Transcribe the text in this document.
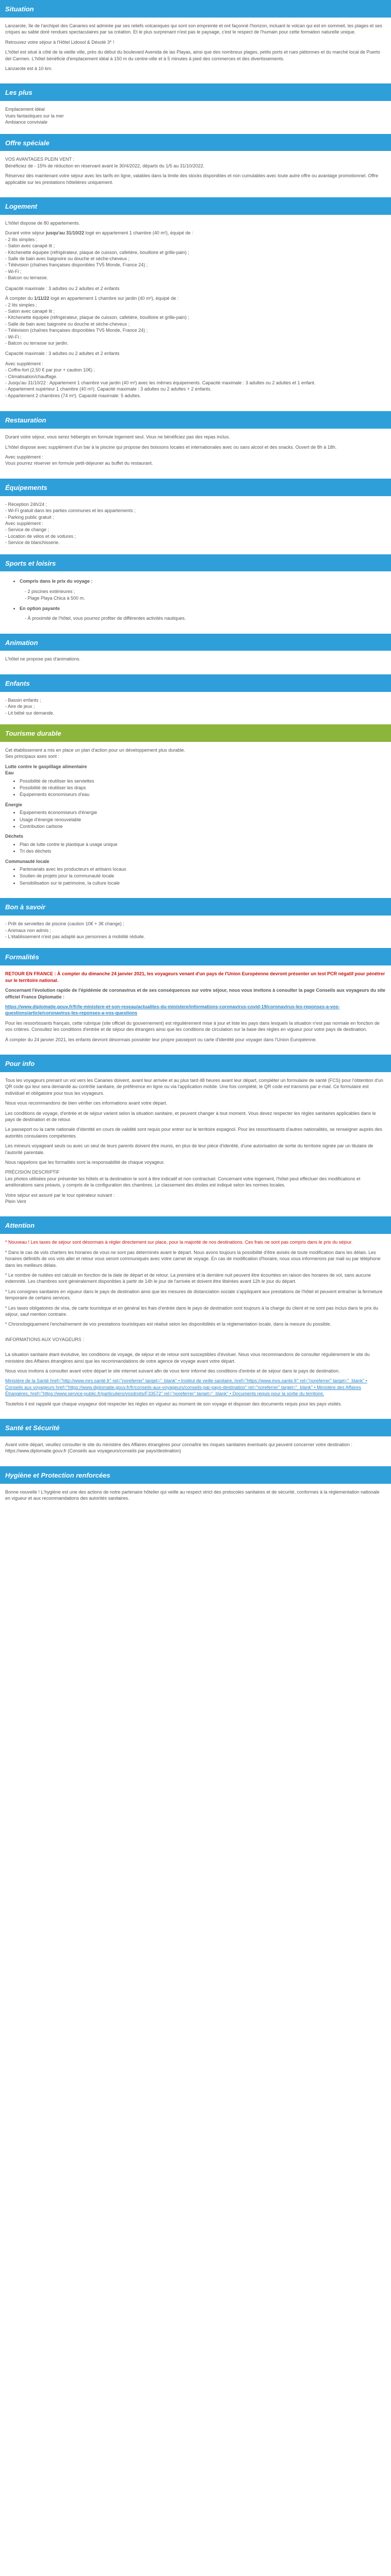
Situation

Lanzarote, île de l'archipel des Canaries est admirée par ses reliefs volcaniques qui sont son empreinte et ont façonné l'horizon, incluant le volcan qui est en sommeil, les plages et ses criques au sable doré rendues spectaculaires par sa création. Et le plus surprenant n'est pas le paysage, c'est le respect de l'humain pour cette formation naturelle unique.

Retrouvez votre séjour à l'Hôtel Lidosol & Désolé 3* !

L'hôtel est situé à côté de la vieille ville, près du début du boulevard Avenida de las Playas, ainsi que des nombreux plages, petits ports et rues piétonnes et du marché local de Puerto del Carmen. L'hôtel bénéficie d'emplacement idéal à 150 m du centre-ville et à 5 minutes à pied des commerces et des divertissements.

Lanzarote est à 10 km.

Les plus
Emplacement idéal
Vues fantastiques sur la mer
Ambiance conviviale
Offre spéciale
VOS AVANTAGES PLEIN VENT :

Bénéficiez de - 15% de réduction en réservant avant le 30/4/2022, départs du 1/5 au 31/10/2022.

Réservez dès maintenant votre séjour avec les tarifs en ligne, valables dans la limite des stocks disponibles et non cumulables avec toute autre offre ou avantage promotionnel. Offre applicable sur les prestations hôtelières uniquement.

Logement

L'hôtel dispose de 80 appartements.

Durant votre séjour jusqu'au 31/10/22 logé en appartement 1 chambre (40 m²), équipé de :
- 2 lits simples ;
- Salon avec canapé lit ;
- Kitchenette équipée (réfrigérateur, plaque de cuisson, cafetière, bouilloire et grille-pain) ;
- Salle de bain avec baignoire ou douche et sèche-cheveux ;
- Télévision (chaînes françaises disponibles TV5 Monde, France 24) ;
- Wi-Fi ;
- Balcon ou terrasse.

Capacité maximale : 3 adultes ou 2 adultes et 2 enfants

À compter du 1/11/22 logé en appartement 1 chambre sur jardin (40 m²), équipé de :
- 2 lits simples ;
- Salon avec canapé lit ;
- Kitchenette équipée (réfrigérateur, plaque de cuisson, cafetière, bouilloire et grille-pain) ;
- Salle de bain avec baignoire ou douche et sèche-cheveux ;
- Télévision (chaînes françaises disponibles TV5 Monde, France 24) ;
- Wi-Fi ;
- Balcon ou terrasse sur jardin.

Capacité maximale : 3 adultes ou 2 adultes et 2 enfants

Avec supplément :
- Coffre-fort (2,50 € par jour + caution 10€) ;
- Climatisation/chauffage.
- Jusqu'au 31/10/22 : Appartement 1 chambre vue jardin (40 m²) avec les mêmes équipements. Capacité maximale : 3 adultes ou 2 adultes et 1 enfant.
- Appartement supérieur 1 chambre (40 m²). Capacité maximale : 3 adultes ou 2 adultes + 2 enfants.
- Appartement 2 chambres (74 m²). Capacité maximale: 5 adultes.
Restauration

Durant votre séjour, vous serez hébergés en formule logement seul. Vous ne bénéficiez pas des repas inclus.

L'hôtel dispose avec supplément d'un bar à la piscine qui propose des boissons locales et internationales avec ou sans alcool et des snacks. Ouvert de 8h à 18h.

Avec supplément :

Vous pourrez réserver en formule petit-déjeuner au buffet du restaurant.

Équipements
- Réception 24h/24 ;
- Wi-Fi gratuit dans les parties communes et les appartements ;
- Parking public gratuit ;
Avec supplément :
- Service de change ;
- Location de vélos et de voitures ;
- Service de blanchisserie.
Sports et loisirs
• Compris dans le prix du voyage :
- 2 piscines extérieures ;
- Plage Playa Chica à 500 m.
• En option payante
- À proximité de l'hôtel, vous pourrez profiter de différentes activités nautiques.
Animation

L'hôtel ne propose pas d'animations.

Enfants
- Bassin enfants ;
- Aire de jeux ;
- Lit bébé sur demande.
Tourisme durable
Cet établissement a mis en place un plan d'action pour un développement plus durable.

Ses principaux axes sont :

Lutte contre le gaspillage alimentaire
Eau
• Possibilité de réutiliser les serviettes
• Possibilité de réutiliser les draps
• Équipements économiseurs d'eau
Énergie
• Équipements économiseurs d'énergie
• Usage d'énergie renouvelable
• Contribution carbone
Déchets
• Plan de lutte contre le plastique à usage unique
• Tri des déchets
Communauté locale
• Partenariats avec les producteurs et artisans locaux
• Soutien de projets pour la communauté locale
• Sensibilisation sur le patrimoine, la culture locale
Bon à savoir
- Prêt de serviettes de piscine (caution 10€ + 3€ change) ;
- Animaux non admis ;
- L'établissement n'est pas adapté aux personnes à mobilité réduite.
Formalités

RETOUR EN FRANCE : À compter du dimanche 24 janvier 2021, les voyageurs venant d'un pays de l'Union Européenne devront présenter un test PCR négatif pour pénétrer sur le territoire national.

Concernant l'évolution rapide de l'épidémie de coronavirus et de ses conséquences sur votre séjour, nous vous invitons à consulter la page Conseils aux voyageurs du site officiel France Diplomatie :

https://www.diplomatie.gouv.fr/fr/le-ministere-et-son-reseau/actualites-du-ministere/informations-coronavirus-covid-19/coronavirus-les-reponses-a-vos-questions/article/coronavirus-les-reponses-a-vos-questions

Pour les ressortissants français, cette rubrique (site officiel du gouvernement) est régulièrement mise à jour et liste les pays dans lesquels la situation n'est pas normale en fonction de vos critères. Consultez les conditions d'entrée et de séjour des étrangers ainsi que les conditions de circulation sur la base des règles en vigueur pour votre pays de destination.

À compter du 24 janvier 2021, les enfants devront désormais posséder leur propre passeport ou carte d'identité pour voyager dans l'Union Européenne.

Pour info

Tous les voyageurs prenant un vol vers les Canaries doivent, avant leur arrivée et au plus tard 48 heures avant leur départ, compléter un formulaire de santé (FCS) pour l'obtention d'un QR code qui leur sera demandé au contrôle sanitaire, de préférence en ligne ou via l'application mobile. Une fois complété, le QR code est transmis par e-mail. Ce formulaire est individuel et obligatoire pour tous les voyageurs.

Nous vous recommandons de bien vérifier ces informations avant votre départ.

Les conditions de voyage, d'entrée et de séjour varient selon la situation sanitaire, et peuvent changer à tout moment. Vous devez respecter les règles sanitaires applicables dans le pays de destination et de retour.

Le passeport ou la carte nationale d'identité en cours de validité sont requis pour entrer sur le territoire espagnol. Pour les ressortissants d'autres nationalités, se renseigner auprès des autorités consulaires compétentes.

Les mineurs voyageant seuls ou avec un seul de leurs parents doivent être munis, en plus de leur pièce d'identité, d'une autorisation de sortie du territoire signée par un titulaire de l'autorité parentale.

Nous rappelons que les formalités sont la responsabilité de chaque voyageur.

PRÉCISION DESCRIPTIF

Les photos utilisées pour présenter les hôtels et la destination le sont à titre indicatif et non contractuel. Concernant votre logement, l'hôtel peut effectuer des modifications et améliorations sans préavis, y compris de la configuration des chambres. Le classement des étoiles est indiqué selon les normes locales.

Votre séjour est assuré par le tour opérateur suivant :

Plein Vent

Attention

* Nouveau ! Les taxes de séjour sont désormais à régler directement sur place, pour la majorité de nos destinations. Ces frais ne sont pas compris dans le prix du séjour.

* Dans le cas de vols charters les horaires de vous ne sont pas déterminés avant le départ. Nous avons toujours la possibilité d'être avisés de toute modification dans les délais. Les horaires définitifs de vos vols aller et retour vous seront communiqués avec votre carnet de voyage. En cas de modification d'horaire, nous vous informerons par mail ou par téléphone dans les meilleurs délais.

* Le nombre de nuitées est calculé en fonction de la date de départ et de retour. La première et la dernière nuit peuvent être écourtées en raison des horaires de vol, sans aucune indemnité. Les chambres sont généralement disponibles à partir de 14h le jour de l'arrivée et doivent être libérées avant 12h le jour du départ.

* Les consignes sanitaires en vigueur dans le pays de destination ainsi que les mesures de distanciation sociale s'appliquent aux prestations de l'hôtel et peuvent entraîner la fermeture temporaire de certains services.

* Les taxes obligatoires de visa, de carte touristique et en général les frais d'entrée dans le pays de destination sont toujours à la charge du client et ne sont pas inclus dans le prix du séjour, sauf mention contraire.

* Chronologiquement l'enchaînement de vos prestations touristiques est réalisé selon les disponibilités et la réglementation locale, dans la mesure du possible.

INFORMATIONS AUX VOYAGEURS :

La situation sanitaire étant évolutive, les conditions de voyage, de séjour et de retour sont susceptibles d'évoluer. Nous vous recommandons de consulter régulièrement le site du ministère des Affaires étrangères ainsi que les recommandations de votre agence de voyage avant votre départ.

Nous vous invitons à consulter avant votre départ le site internet suivant afin de vous tenir informé des conditions d'entrée et de séjour dans le pays de destination.

Ministère de la Santé href="http://www.mrs.santé.fr" rel="noreferrer" target="_blank" • Institut de veille sanitaire, href="https://www.invs.sante.fr" rel="noreferrer" target="_blank" • Conseils aux voyageurs href="https://www.diplomatie.gouv.fr/fr/conseils-aux-voyageurs/conseils-par-pays-destination" rel="noreferrer" target="_blank" • Ministère des Affaires Étrangères, href="https://www.service-public.fr/particuliers/vosdroits/F33572" rel="noreferrer" target="_blank" • Documents requis pour la sortie du territoire.

Toutefois il est rappelé que chaque voyageur doit respecter les règles en vigueur au moment de son voyage et disposer des documents requis pour les pays visités.

Santé et Sécurité

Avant votre départ, veuillez consulter le site du ministère des Affaires étrangères pour connaître les risques sanitaires éventuels qui peuvent concerner votre destination : https://www.diplomatie.gouv.fr (Conseils aux voyageurs/conseils par pays/destination)

Hygiène et Protection renforcées

Bonne nouvelle ! L'hygiène est une des actions de notre partenaire hôtelier qui veille au respect strict des protocoles sanitaires et de sécurité, conformes à la réglementation nationale en vigueur et aux recommandations des autorités sanitaires.
